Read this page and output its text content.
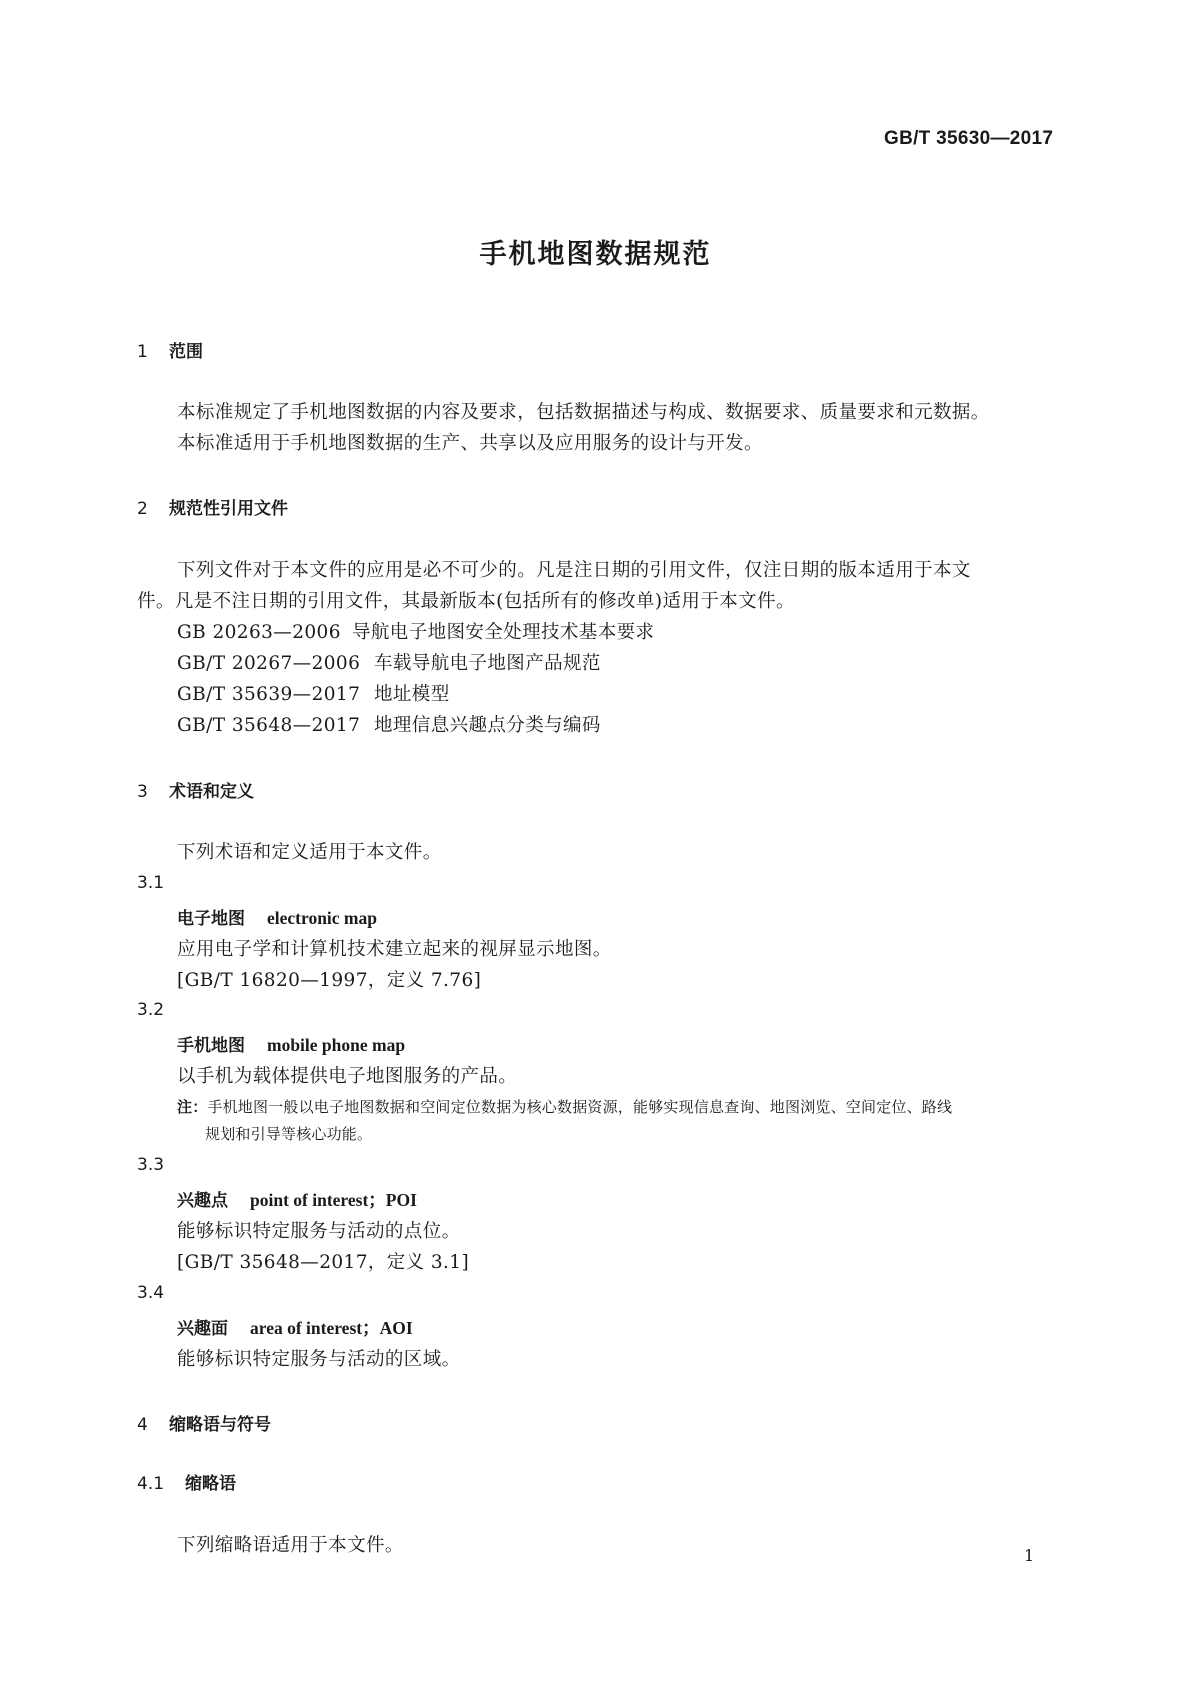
GB/T 35630—2017
手机地图数据规范
1 范围
本标准规定了手机地图数据的内容及要求，包括数据描述与构成、数据要求、质量要求和元数据。
本标准适用于手机地图数据的生产、共享以及应用服务的设计与开发。
2 规范性引用文件
下列文件对于本文件的应用是必不可少的。凡是注日期的引用文件，仅注日期的版本适用于本文
件。凡是不注日期的引用文件，其最新版本(包括所有的修改单)适用于本文件。
GB 20263—2006 导航电子地图安全处理技术基本要求
GB/T 20267—2006 车载导航电子地图产品规范
GB/T 35639—2017 地址模型
GB/T 35648—2017 地理信息兴趣点分类与编码
3 术语和定义
下列术语和定义适用于本文件。
3.1
电子地图 electronic map
应用电子学和计算机技术建立起来的视屏显示地图。
[GB/T 16820—1997，定义 7.76]
3.2
手机地图 mobile phone map
以手机为载体提供电子地图服务的产品。
注：手机地图一般以电子地图数据和空间定位数据为核心数据资源，能够实现信息查询、地图浏览、空间定位、路线
规划和引导等核心功能。
3.3
兴趣点 point of interest；POI
能够标识特定服务与活动的点位。
[GB/T 35648—2017，定义 3.1]
3.4
兴趣面 area of interest；AOI
能够标识特定服务与活动的区域。
4 缩略语与符号
4.1 缩略语
下列缩略语适用于本文件。	1
